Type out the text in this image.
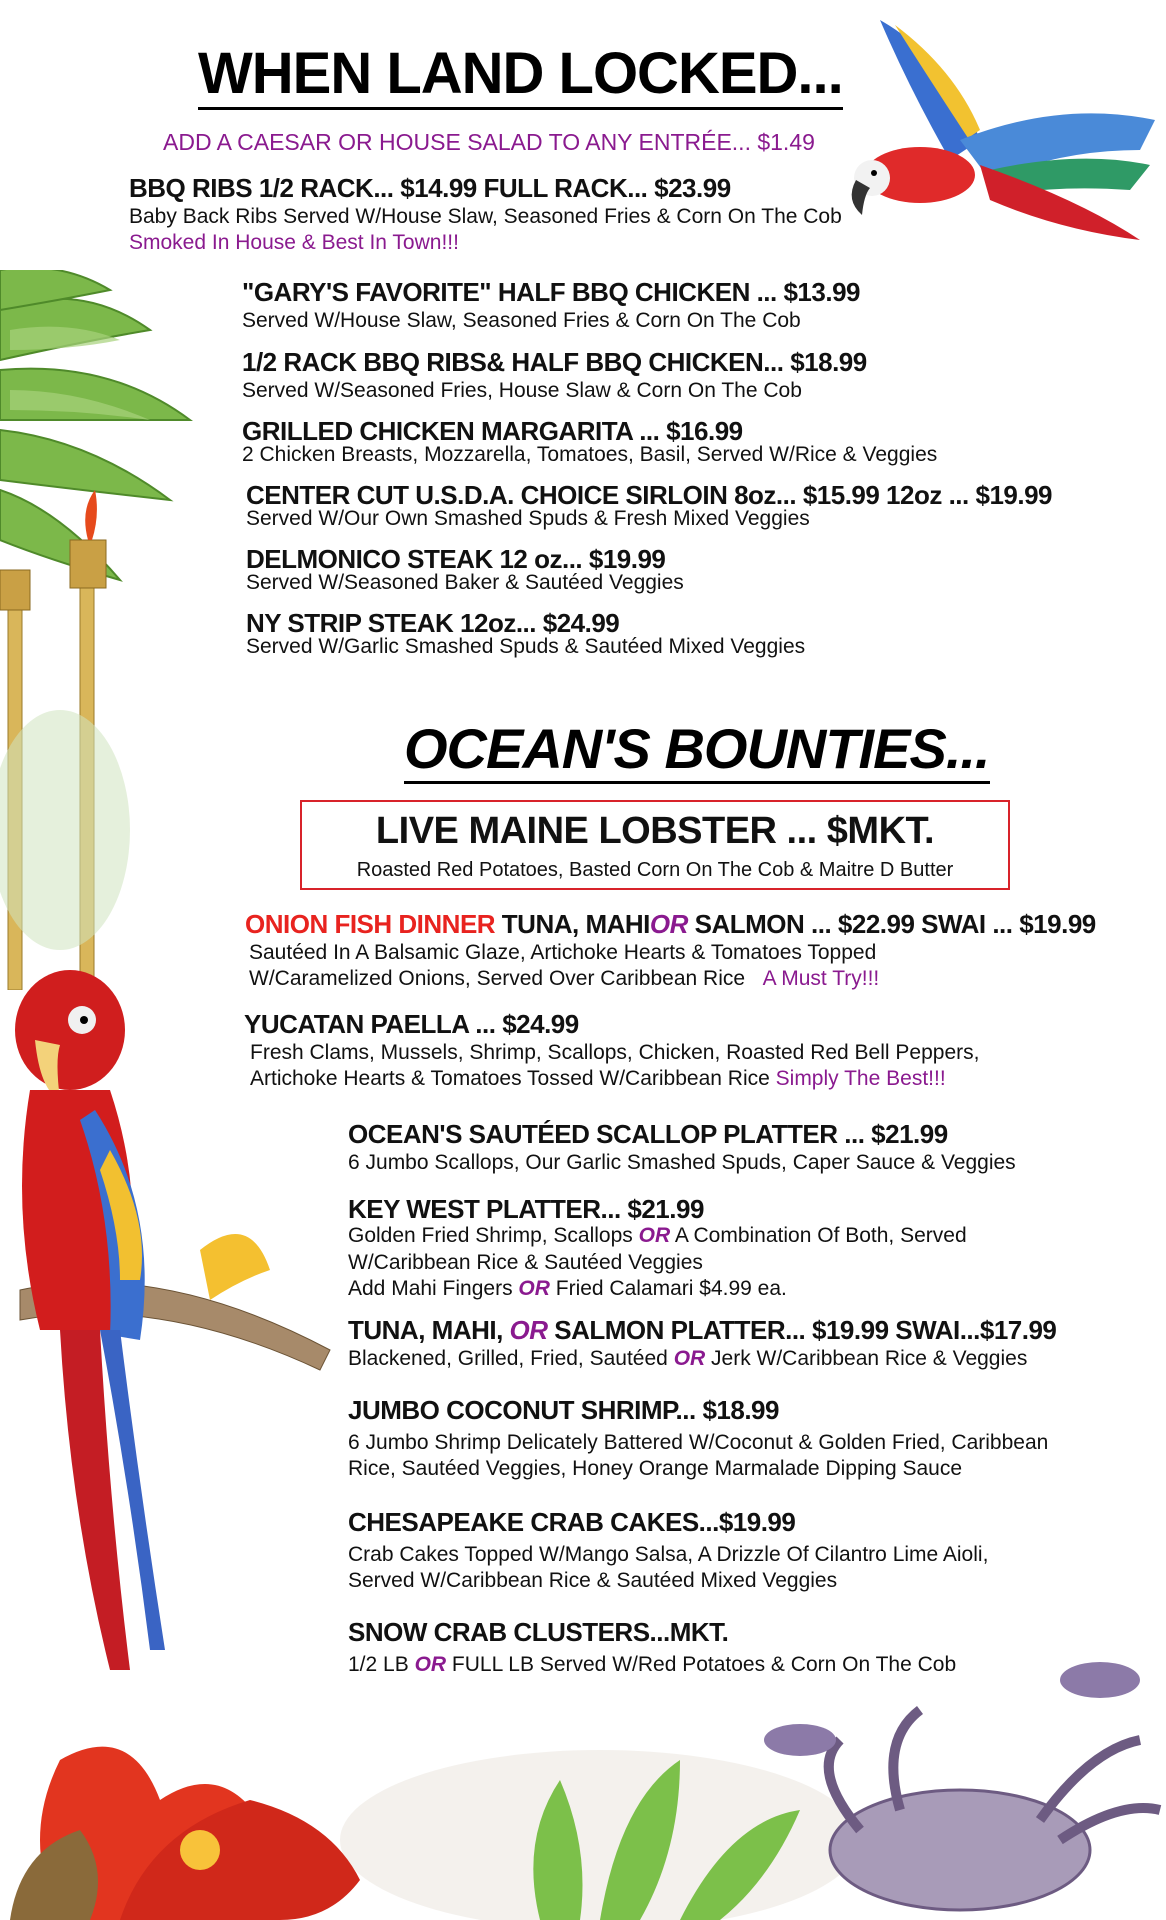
WHEN LAND LOCKED...
ADD A CAESAR OR HOUSE SALAD TO ANY ENTRÉE... $1.49
BBQ RIBS 1/2 RACK... $14.99 FULL RACK... $23.99
Baby Back Ribs Served W/House Slaw, Seasoned Fries & Corn On The Cob
Smoked In House & Best In Town!!!
"GARY'S FAVORITE" HALF BBQ CHICKEN ... $13.99
Served W/House Slaw, Seasoned Fries & Corn On The Cob
1/2 RACK BBQ RIBS& HALF BBQ CHICKEN... $18.99
Served W/Seasoned Fries, House Slaw & Corn On The Cob
GRILLED CHICKEN MARGARITA ... $16.99
2 Chicken Breasts, Mozzarella, Tomatoes, Basil, Served W/Rice & Veggies
CENTER CUT U.S.D.A. CHOICE SIRLOIN 8oz... $15.99 12oz ... $19.99
Served W/Our Own Smashed Spuds & Fresh Mixed Veggies
DELMONICO STEAK 12 oz... $19.99
Served W/Seasoned Baker & Sautéed Veggies
NY STRIP STEAK 12oz... $24.99
Served W/Garlic Smashed Spuds & Sautéed Mixed Veggies
OCEAN'S BOUNTIES...
LIVE MAINE LOBSTER ... $MKT.
Roasted Red Potatoes, Basted Corn On The Cob & Maitre D Butter
ONION FISH DINNER TUNA, MAHIOR SALMON ... $22.99 SWAI ... $19.99
Sautéed In A Balsamic Glaze, Artichoke Hearts & Tomatoes Topped
W/Caramelized Onions, Served Over Caribbean Rice A Must Try!!!
YUCATAN PAELLA ... $24.99
Fresh Clams, Mussels, Shrimp, Scallops, Chicken, Roasted Red Bell Peppers,
Artichoke Hearts & Tomatoes Tossed W/Caribbean Rice Simply The Best!!!
OCEAN'S SAUTÉED SCALLOP PLATTER ... $21.99
6 Jumbo Scallops, Our Garlic Smashed Spuds, Caper Sauce & Veggies
KEY WEST PLATTER... $21.99
Golden Fried Shrimp, Scallops OR A Combination Of Both, Served
W/Caribbean Rice & Sautéed Veggies
Add Mahi Fingers OR Fried Calamari $4.99 ea.
TUNA, MAHI, OR SALMON PLATTER... $19.99 SWAI...$17.99
Blackened, Grilled, Fried, Sautéed OR Jerk W/Caribbean Rice & Veggies
JUMBO COCONUT SHRIMP... $18.99
6 Jumbo Shrimp Delicately Battered W/Coconut & Golden Fried, Caribbean
Rice, Sautéed Veggies, Honey Orange Marmalade Dipping Sauce
CHESAPEAKE CRAB CAKES...$19.99
Crab Cakes Topped W/Mango Salsa, A Drizzle Of Cilantro Lime Aioli,
Served W/Caribbean Rice & Sautéed Mixed Veggies
SNOW CRAB CLUSTERS...MKT.
1/2 LB OR FULL LB Served W/Red Potatoes & Corn On The Cob
